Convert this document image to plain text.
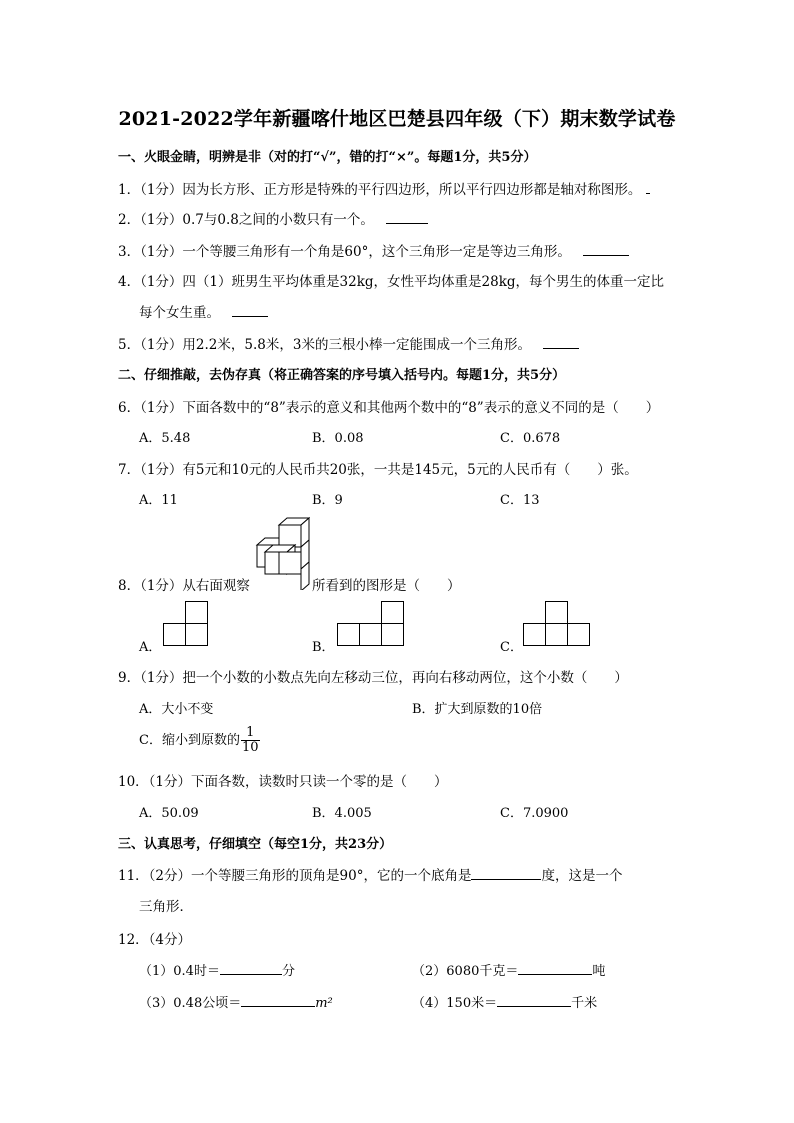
2021-2022学年新疆喀什地区巴楚县四年级（下）期末数学试卷
一、火眼金睛，明辨是非（对的打“√”，错的打“×”。每题1分，共5分）
1．（1分）因为长方形、正方形是特殊的平行四边形，所以平行四边形都是轴对称图形。
2．（1分）0.7与0.8之间的小数只有一个。
3．（1分）一个等腰三角形有一个角是60°，这个三角形一定是等边三角形。
4．（1分）四（1）班男生平均体重是32kg，女性平均体重是28kg，每个男生的体重一定比
每个女生重。
5．（1分）用2.2米，5.8米，3米的三根小棒一定能围成一个三角形。
二、仔细推敲，去伪存真（将正确答案的序号填入括号内。每题1分，共5分）
6．（1分）下面各数中的“8”表示的意义和其他两个数中的“8”表示的意义不同的是（　　）
A．5.48	B．0.08	C．0.678
7．（1分）有5元和10元的人民币共20张，一共是145元，5元的人民币有（　　）张。
A．11	B．9	C．13
8．（1分）从右面观察	所看到的图形是（　　）
A．	B．	C．
9．（1分）把一个小数的小数点先向左移动三位，再向右移动两位，这个小数（　　）
A．大小不变	B．扩大到原数的10倍
C．缩小到原数的 $\frac{1}{10}$
10．（1分）下面各数，读数时只读一个零的是（　　）
A．50.09	B．4.005	C．7.0900
三、认真思考，仔细填空（每空1分，共23分）
11．（2分）一个等腰三角形的顶角是90°，它的一个底角是	度，这是一个
三角形．
12．（4分）
（1）0.4时＝	分	（2）6080千克＝	吨
（3）0.48公顷＝	m²	（4）150米＝	千米
